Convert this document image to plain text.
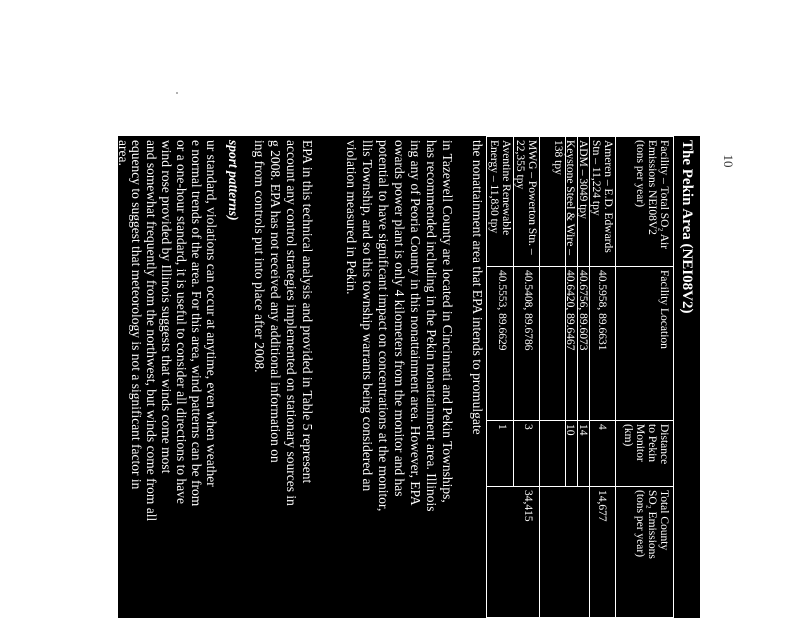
10
The Pekin Area (NEI08V2)
Facility – Total SO₂ Air
Emissions NEI08V2
(tons per year)
Facility Location
Distance
to Pekin
Monitor
(km)
Total County
SO₂ Emissions
(tons per year)
Ameren – E.D. Edwards
Stn – 11,224 tpy
40.5958, 89.6631
4
14,677
ADM – 3049 tpy
40.6756, 89.6073
14
Keystone Steel & Wire –
138 tpy
40.6420, 89.6467
10
MWG – Powerton Stn. –
22,355 tpy
40.5408, 89.6786
3
34,415
Aventine Renewable
Energy – 11,830 tpy
40.5553, 89.6629
1
the nonattainment area that EPA intends to promulgate
in Tazewell County are located in Cincinnati and Pekin Townships,
has recommended including in the Pekin nonattainment area. Illinois
ing any of Peoria County in this nonattainment area. However, EPA
owards power plant is only 4 kilometers from the monitor and has
potential to have significant impact on concentrations at the monitor,
llis Township, and so this township warrants being considered an
violation measured in Pekin.
EPA in this technical analysis and provided in Table 5 represent
account any control strategies implemented on stationary sources in
g 2008. EPA has not received any additional information on
ing from controls put into place after 2008.
sport patterns)
ur standard, violations can occur at anytime, even when weather
e normal trends of the area. For this area, wind patterns can be from
or a one-hour standard, it is useful to consider all directions to have
wind rose provided by Illinois suggests that winds come most
and somewhat frequently from the northwest, but winds come from all
equency to suggest that meteorology is not a significant factor in
area.
